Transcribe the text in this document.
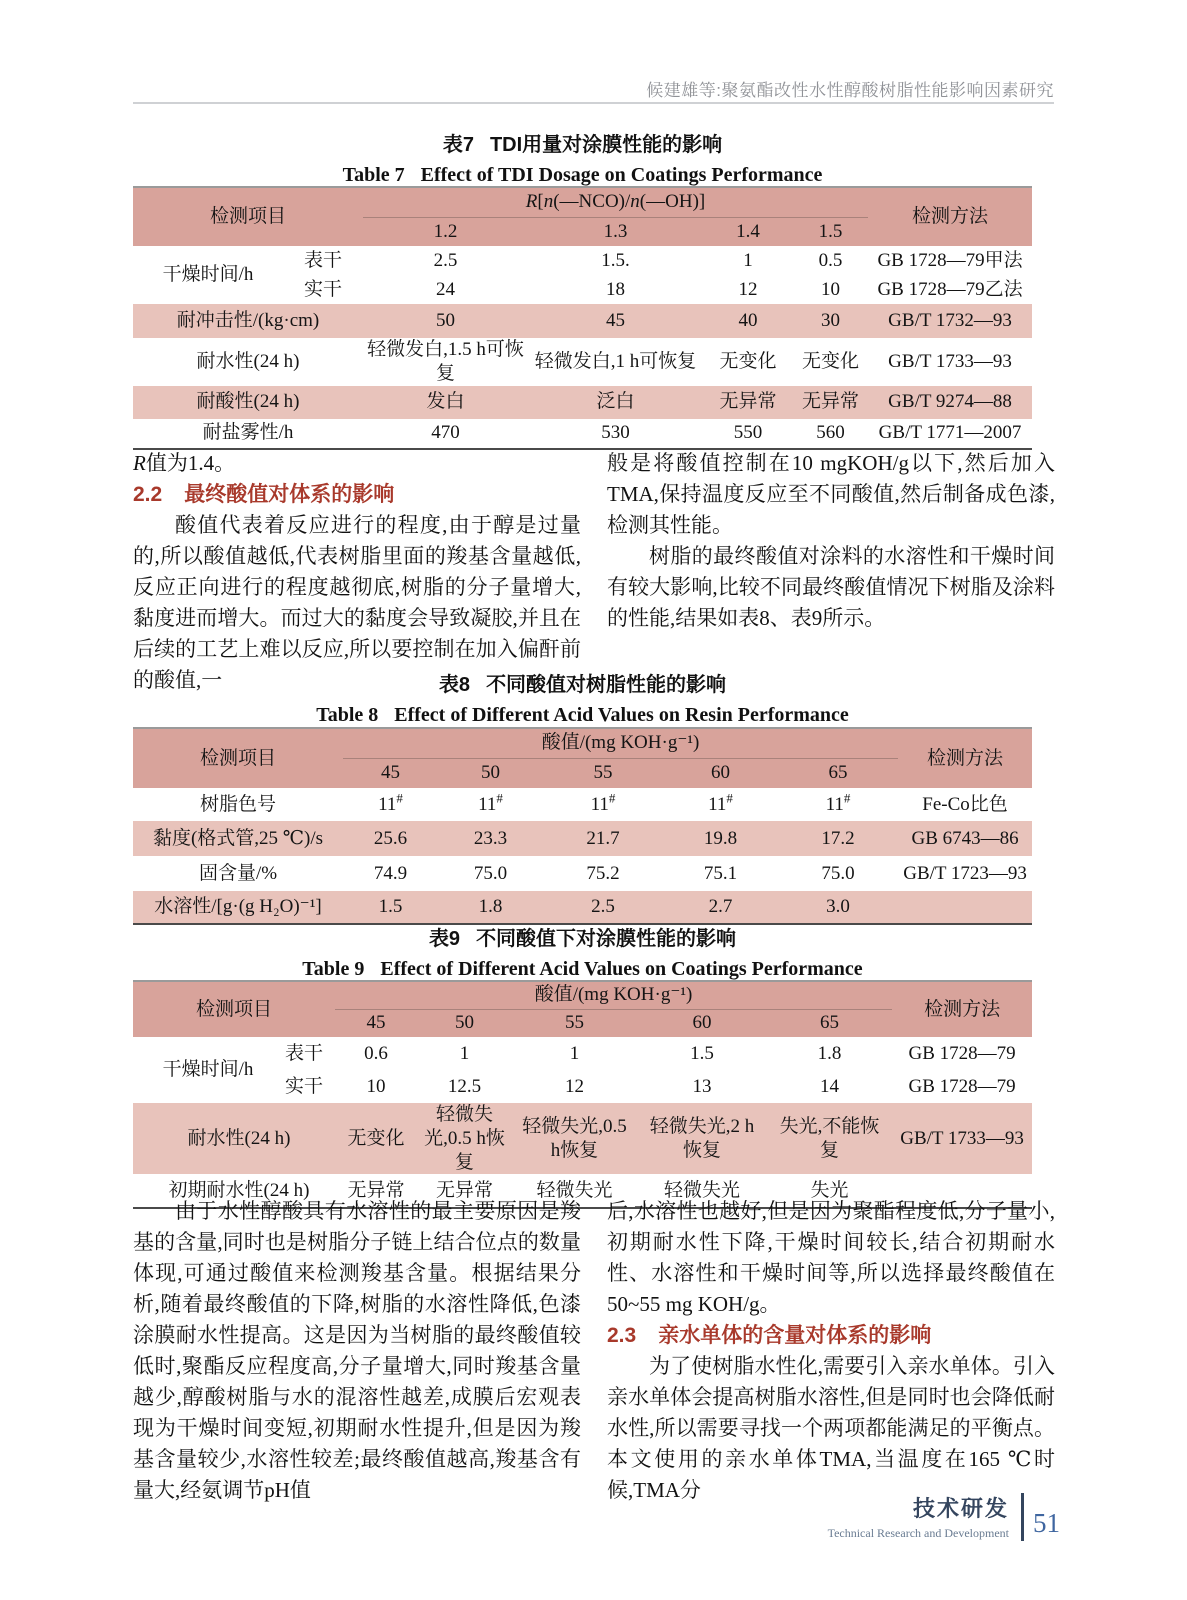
候建雄等:聚氨酯改性水性醇酸树脂性能影响因素研究
表7 TDI用量对涂膜性能的影响
Table 7 Effect of TDI Dosage on Coatings Performance
检测项目		R[n(—NCO)/n(—OH)]				检测方法
		1.2	1.3	1.4	1.5	
干燥时间/h	表干	2.5	1.5.	1	0.5	GB 1728—79甲法
	实干	24	18	12	10	GB 1728—79乙法
耐冲击性/(kg·cm)		50	45	40	30	GB/T 1732—93
耐水性(24 h)		轻微发白,1.5 h可恢复	轻微发白,1 h可恢复	无变化	无变化	GB/T 1733—93
耐酸性(24 h)		发白	泛白	无异常	无异常	GB/T 9274—88
耐盐雾性/h		470	530	550	560	GB/T 1771—2007

R值为1.4。

2.2 最终酸值对体系的影响

酸值代表着反应进行的程度,由于醇是过量的,所以酸值越低,代表树脂里面的羧基含量越低,反应正向进行的程度越彻底,树脂的分子量增大,黏度进而增大。而过大的黏度会导致凝胶,并且在后续的工艺上难以反应,所以要控制在加入偏酐前的酸值,一

般是将酸值控制在10 mgKOH/g以下,然后加入TMA,保持温度反应至不同酸值,然后制备成色漆,检测其性能。

树脂的最终酸值对涂料的水溶性和干燥时间有较大影响,比较不同最终酸值情况下树脂及涂料的性能,结果如表8、表9所示。

表8 不同酸值对树脂性能的影响
Table 8 Effect of Different Acid Values on Resin Performance
检测项目	酸值/(mg KOH·g⁻¹)					检测方法
	45	50	55	60	65	
树脂色号	11#	11#	11#	11#	11#	Fe-Co比色
黏度(格式管,25 ℃)/s	25.6	23.3	21.7	19.8	17.2	GB 6743—86
固含量/%	74.9	75.0	75.2	75.1	75.0	GB/T 1723—93
水溶性/[g·(g H₂O)⁻¹]	1.5	1.8	2.5	2.7	3.0	
表9 不同酸值下对涂膜性能的影响
Table 9 Effect of Different Acid Values on Coatings Performance
检测项目		酸值/(mg KOH·g⁻¹)					检测方法
		45	50	55	60	65	
干燥时间/h	表干	0.6	1	1	1.5	1.8	GB 1728—79
	实干	10	12.5	12	13	14	GB 1728—79
耐水性(24 h)		无变化	轻微失光,0.5 h恢复	轻微失光,0.5 h恢复	轻微失光,2 h恢复	失光,不能恢复	GB/T 1733—93
初期耐水性(24 h)		无异常	无异常	轻微失光	轻微失光	失光	

由于水性醇酸具有水溶性的最主要原因是羧基的含量,同时也是树脂分子链上结合位点的数量体现,可通过酸值来检测羧基含量。根据结果分析,随着最终酸值的下降,树脂的水溶性降低,色漆涂膜耐水性提高。这是因为当树脂的最终酸值较低时,聚酯反应程度高,分子量增大,同时羧基含量越少,醇酸树脂与水的混溶性越差,成膜后宏观表现为干燥时间变短,初期耐水性提升,但是因为羧基含量较少,水溶性较差;最终酸值越高,羧基含有量大,经氨调节pH值

后,水溶性也越好,但是因为聚酯程度低,分子量小,初期耐水性下降,干燥时间较长,结合初期耐水性、水溶性和干燥时间等,所以选择最终酸值在50~55 mg KOH/g。

2.3 亲水单体的含量对体系的影响

为了使树脂水性化,需要引入亲水单体。引入亲水单体会提高树脂水溶性,但是同时也会降低耐水性,所以需要寻找一个两项都能满足的平衡点。本文使用的亲水单体TMA,当温度在165 ℃时候,TMA分

技术研发
Technical Research and Development 51
